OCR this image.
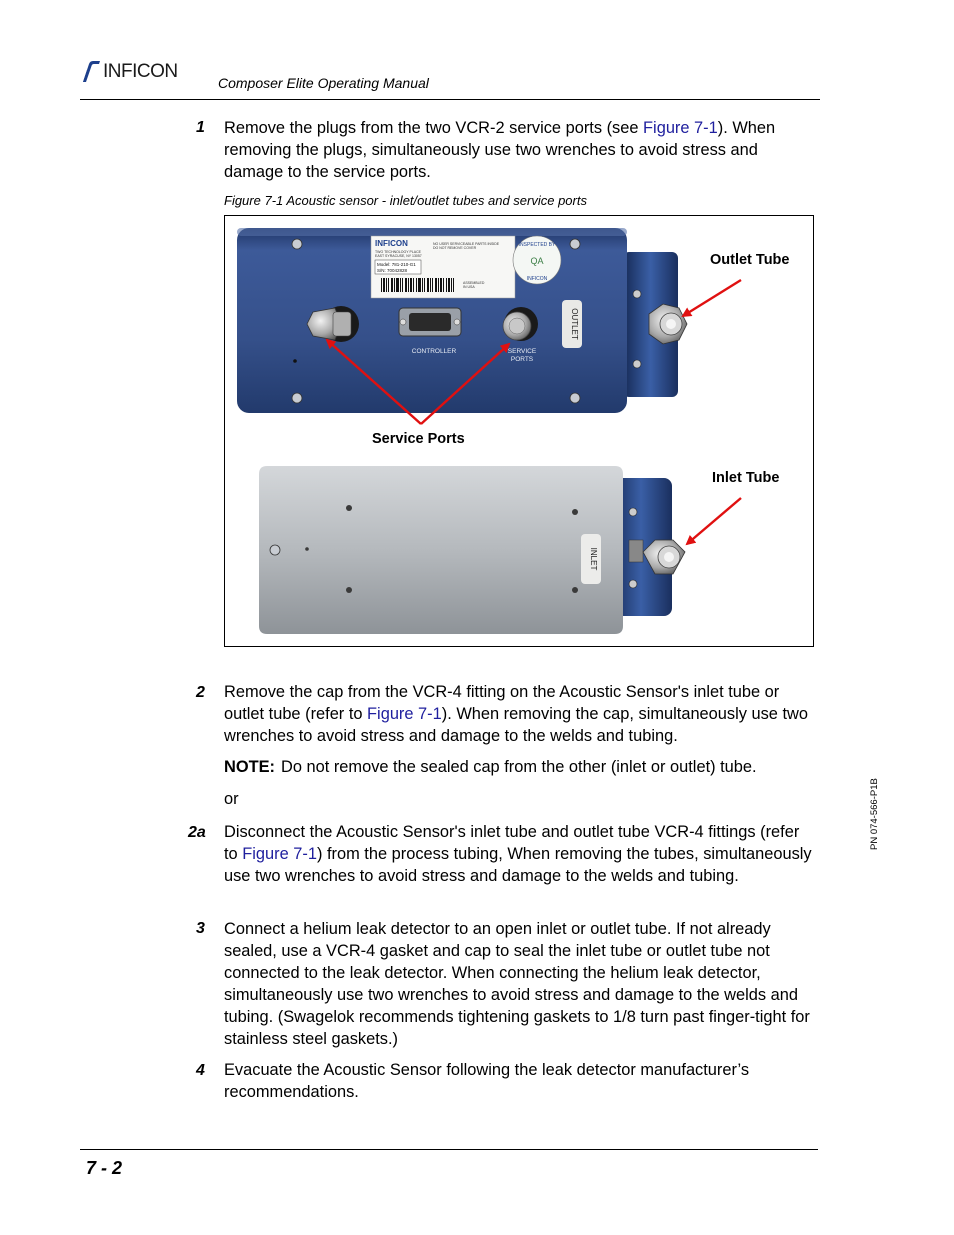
INFICON
Composer Elite Operating Manual
1 Remove the plugs from the two VCR-2 service ports (see Figure 7-1). When removing the plugs, simultaneously use two wrenches to avoid stress and damage to the service ports.
Figure 7-1 Acoustic sensor - inlet/outlet tubes and service ports
INFICON
TWO TECHNOLOGY PLACE
EAST SYRACUSE, NY 13057
Model: 781-210-G1
S/N: 70042828
NO USER SERVICEABLE PARTS INSIDE
DO NOT REMOVE COVER
ASSEMBLED
IN USA
INSPECTED BY
INFICON
QA
CONTROLLER	SERVICE
PORTS
OUTLET
INLET
Outlet Tube
Service Ports
Inlet Tube
2 Remove the cap from the VCR-4 fitting on the Acoustic Sensor's inlet tube or outlet tube (refer to Figure 7-1). When removing the cap, simultaneously use two wrenches to avoid stress and damage to the welds and tubing.
NOTE: Do not remove the sealed cap from the other (inlet or outlet) tube.
or
2a Disconnect the Acoustic Sensor's inlet tube and outlet tube VCR-4 fittings (refer to Figure 7-1) from the process tubing, When removing the tubes, simultaneously use two wrenches to avoid stress and damage to the welds and tubing.
3 Connect a helium leak detector to an open inlet or outlet tube. If not already sealed, use a VCR-4 gasket and cap to seal the inlet tube or outlet tube not connected to the leak detector. When connecting the helium leak detector, simultaneously use two wrenches to avoid stress and damage to the welds and tubing. (Swagelok recommends tightening gaskets to 1/8 turn past finger-tight for stainless steel gaskets.)
4 Evacuate the Acoustic Sensor following the leak detector manufacturer’s recommendations.
PN 074-566-P1B
7 - 2
